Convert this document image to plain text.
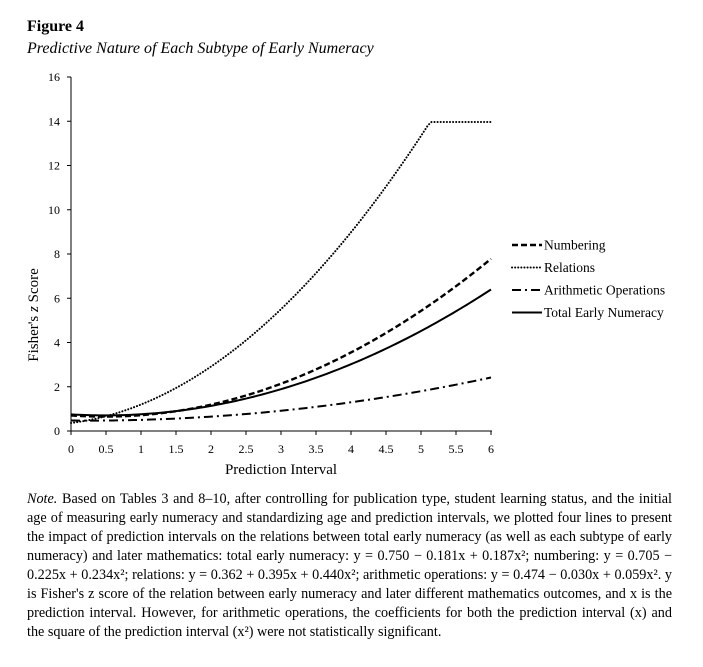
Figure 4
Predictive Nature of Each Subtype of Early Numeracy
0 0.5 1 1.5 2 2.5 3 3.5 4 4.5 5 5.5 6
0
2
4
6
8
10
12
14
16
Numbering
Relations
Arithmetic Operations
Total Early Numeracy
Prediction Interval
Fisher's z Score
Note. Based on Tables 3 and 8–10, after controlling for publication type, student learning status, and the initial age of measuring early numeracy and standardizing age and prediction intervals, we plotted four lines to present the impact of prediction intervals on the relations between total early numeracy (as well as each subtype of early numeracy) and later mathematics: total early numeracy: y = 0.750 − 0.181x + 0.187x²; numbering: y = 0.705 − 0.225x + 0.234x²; relations: y = 0.362 + 0.395x + 0.440x²; arithmetic operations: y = 0.474 − 0.030x + 0.059x². y is Fisher's z score of the relation between early numeracy and later different mathematics outcomes, and x is the prediction interval. However, for arithmetic operations, the coefficients for both the prediction interval (x) and the square of the prediction interval (x²) were not statistically significant.
